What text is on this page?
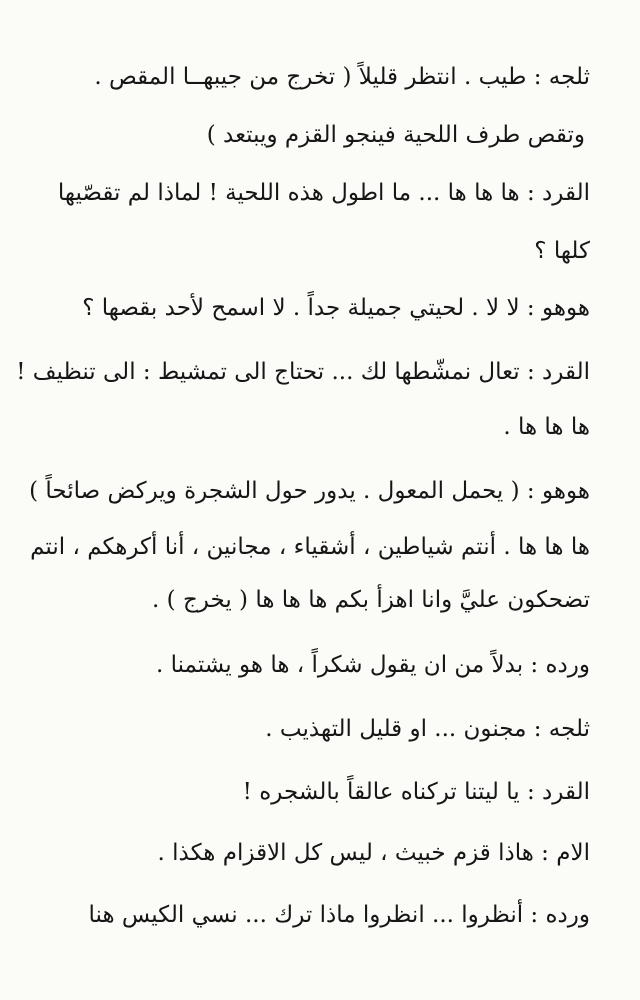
ثلجه : طيب . انتظر قليلاً ( تخرج من جيبهــا المقص .
وتقص طرف اللحية فينجو القزم ويبتعد )
القرد : ها ها ها ... ما اطول هذه اللحية ! لماذا لم تقصّيها
كلها ؟
هوهو : لا لا . لحيتي جميلة جداً . لا اسمح لأحد بقصها ؟
القرد : تعال نمشّطها لك ... تحتاج الى تمشيط : الى تنظيف !
ها ها ها .
هوهو : ( يحمل المعول . يدور حول الشجرة ويركض صائحاً )
ها ها ها . أنتم شياطين ، أشقياء ، مجانين ، أنا أكرهكم ، انتم
تضحكون عليَّ وانا اهزأ بكم ها ها ها ( يخرج ) .
ورده : بدلاً من ان يقول شكراً ، ها هو يشتمنا .
ثلجه : مجنون ... او قليل التهذيب .
القرد : يا ليتنا تركناه عالقاً بالشجره !
الام : هاذا قزم خبيث ، ليس كل الاقزام هكذا .
ورده : أنظروا ... انظروا ماذا ترك ... نسي الكيس هنا
